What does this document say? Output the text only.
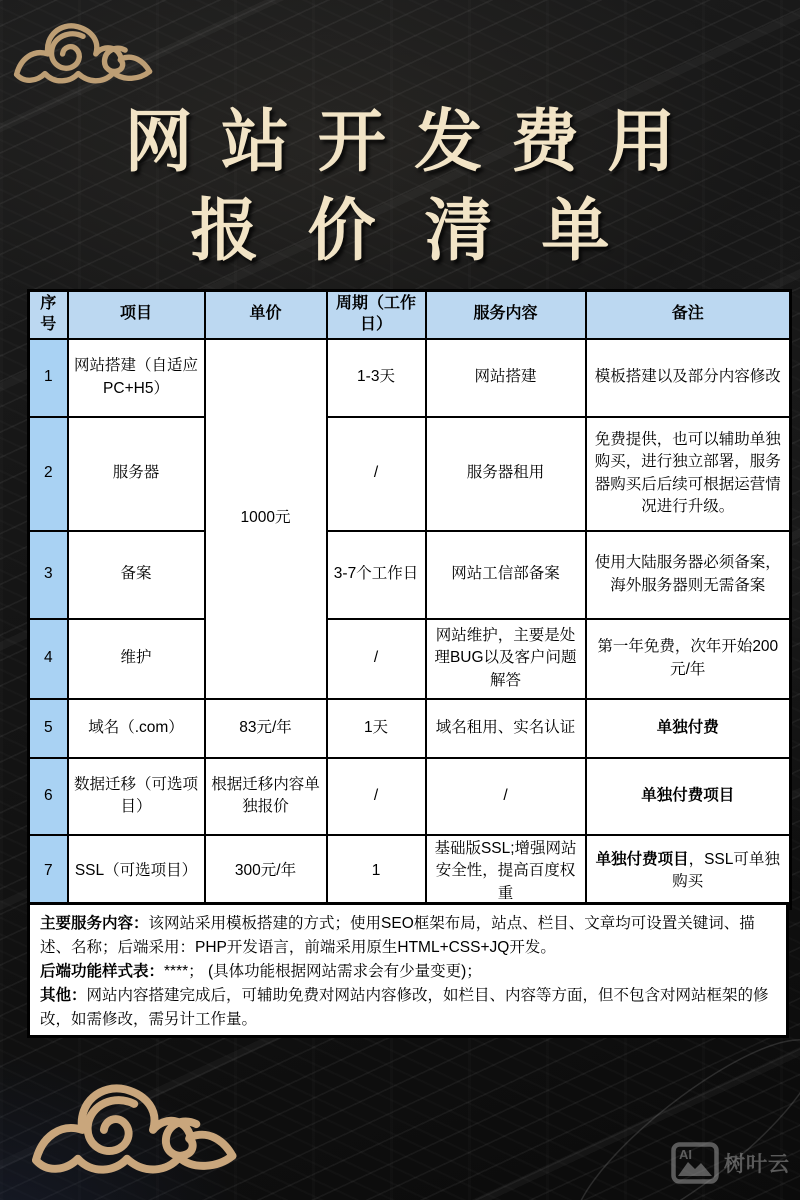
网站开发费用
报价清单
序号	项目	单价	周期（工作日）	服务内容	备注
1	网站搭建（自适应PC+H5）	1000元	1-3天	网站搭建	模板搭建以及部分内容修改
2	服务器		/	服务器租用	免费提供，也可以辅助单独购买，进行独立部署，服务器购买后后续可根据运营情况进行升级。
3	备案		3-7个工作日	网站工信部备案	使用大陆服务器必须备案，海外服务器则无需备案
4	维护		/	网站维护，主要是处理BUG以及客户问题解答	第一年免费，次年开始200元/年
5	域名（.com）	83元/年	1天	域名租用、实名认证	单独付费
6	数据迁移（可选项目）	根据迁移内容单独报价	/	/	单独付费项目
7	SSL（可选项目）	300元/年	1	基础版SSL;增强网站安全性，提高百度权重	单独付费项目，SSL可单独购买

主要服务内容：该网站采用模板搭建的方式；使用SEO框架布局，站点、栏目、文章均可设置关键词、描述、名称；后端采用：PHP开发语言，前端采用原生HTML+CSS+JQ开发。

后端功能样式表：****； (具体功能根据网站需求会有少量变更)；

其他：网站内容搭建完成后，可辅助免费对网站内容修改，如栏目、内容等方面，但不包含对网站框架的修改，如需修改，需另计工作量。

AI 树叶云
